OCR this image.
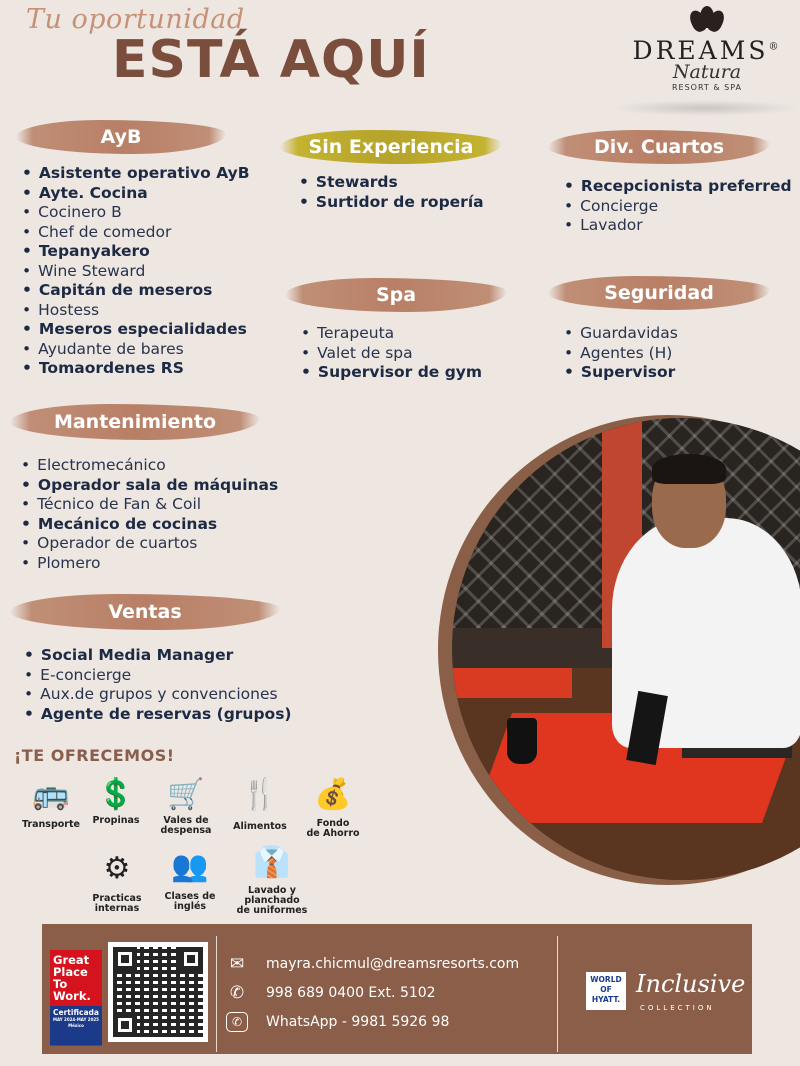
Tu oportunidad
ESTÁ AQUÍ	DREAMS®
Natura
RESORT & SPA
AyB
• Asistente operativo AyB
• Ayte. Cocina
• Cocinero B
• Chef de comedor
• Tepanyakero
• Wine Steward
• Capitán de meseros
• Hostess
• Meseros especialidades
• Ayudante de bares
• Tomaordenes RS
Sin Experiencia
• Stewards
• Surtidor de ropería
Div. Cuartos
• Recepcionista preferred
• Concierge
• Lavador
Spa
• Terapeuta
• Valet de spa
• Supervisor de gym
Seguridad
• Guardavidas
• Agentes (H)
• Supervisor
Mantenimiento
• Electromecánico
• Operador sala de máquinas
• Técnico de Fan & Coil
• Mecánico de cocinas
• Operador de cuartos
• Plomero
Ventas
• Social Media Manager
• E-concierge
• Aux.de grupos y convenciones
• Agente de reservas (grupos)
¡TE OFRECEMOS!
🚌
Transporte
💲
Propinas
🛒
Vales de
despensa
🍴
Alimentos
💰
Fondo
de Ahorro
⚙
Practicas
internas
👥
Clases de
inglés
👔
Lavado y
planchado
de uniformes
Great
Place
To
Work.
Certificada
MAY 2024-MAY 2025
México
✉ mayra.chicmul@dreamsresorts.com
✆ 998 689 0400 Ext. 5102
✆	WhatsApp - 9981 5926 98
WORLD
OF
HYATT.
Inclusive
COLLECTION
